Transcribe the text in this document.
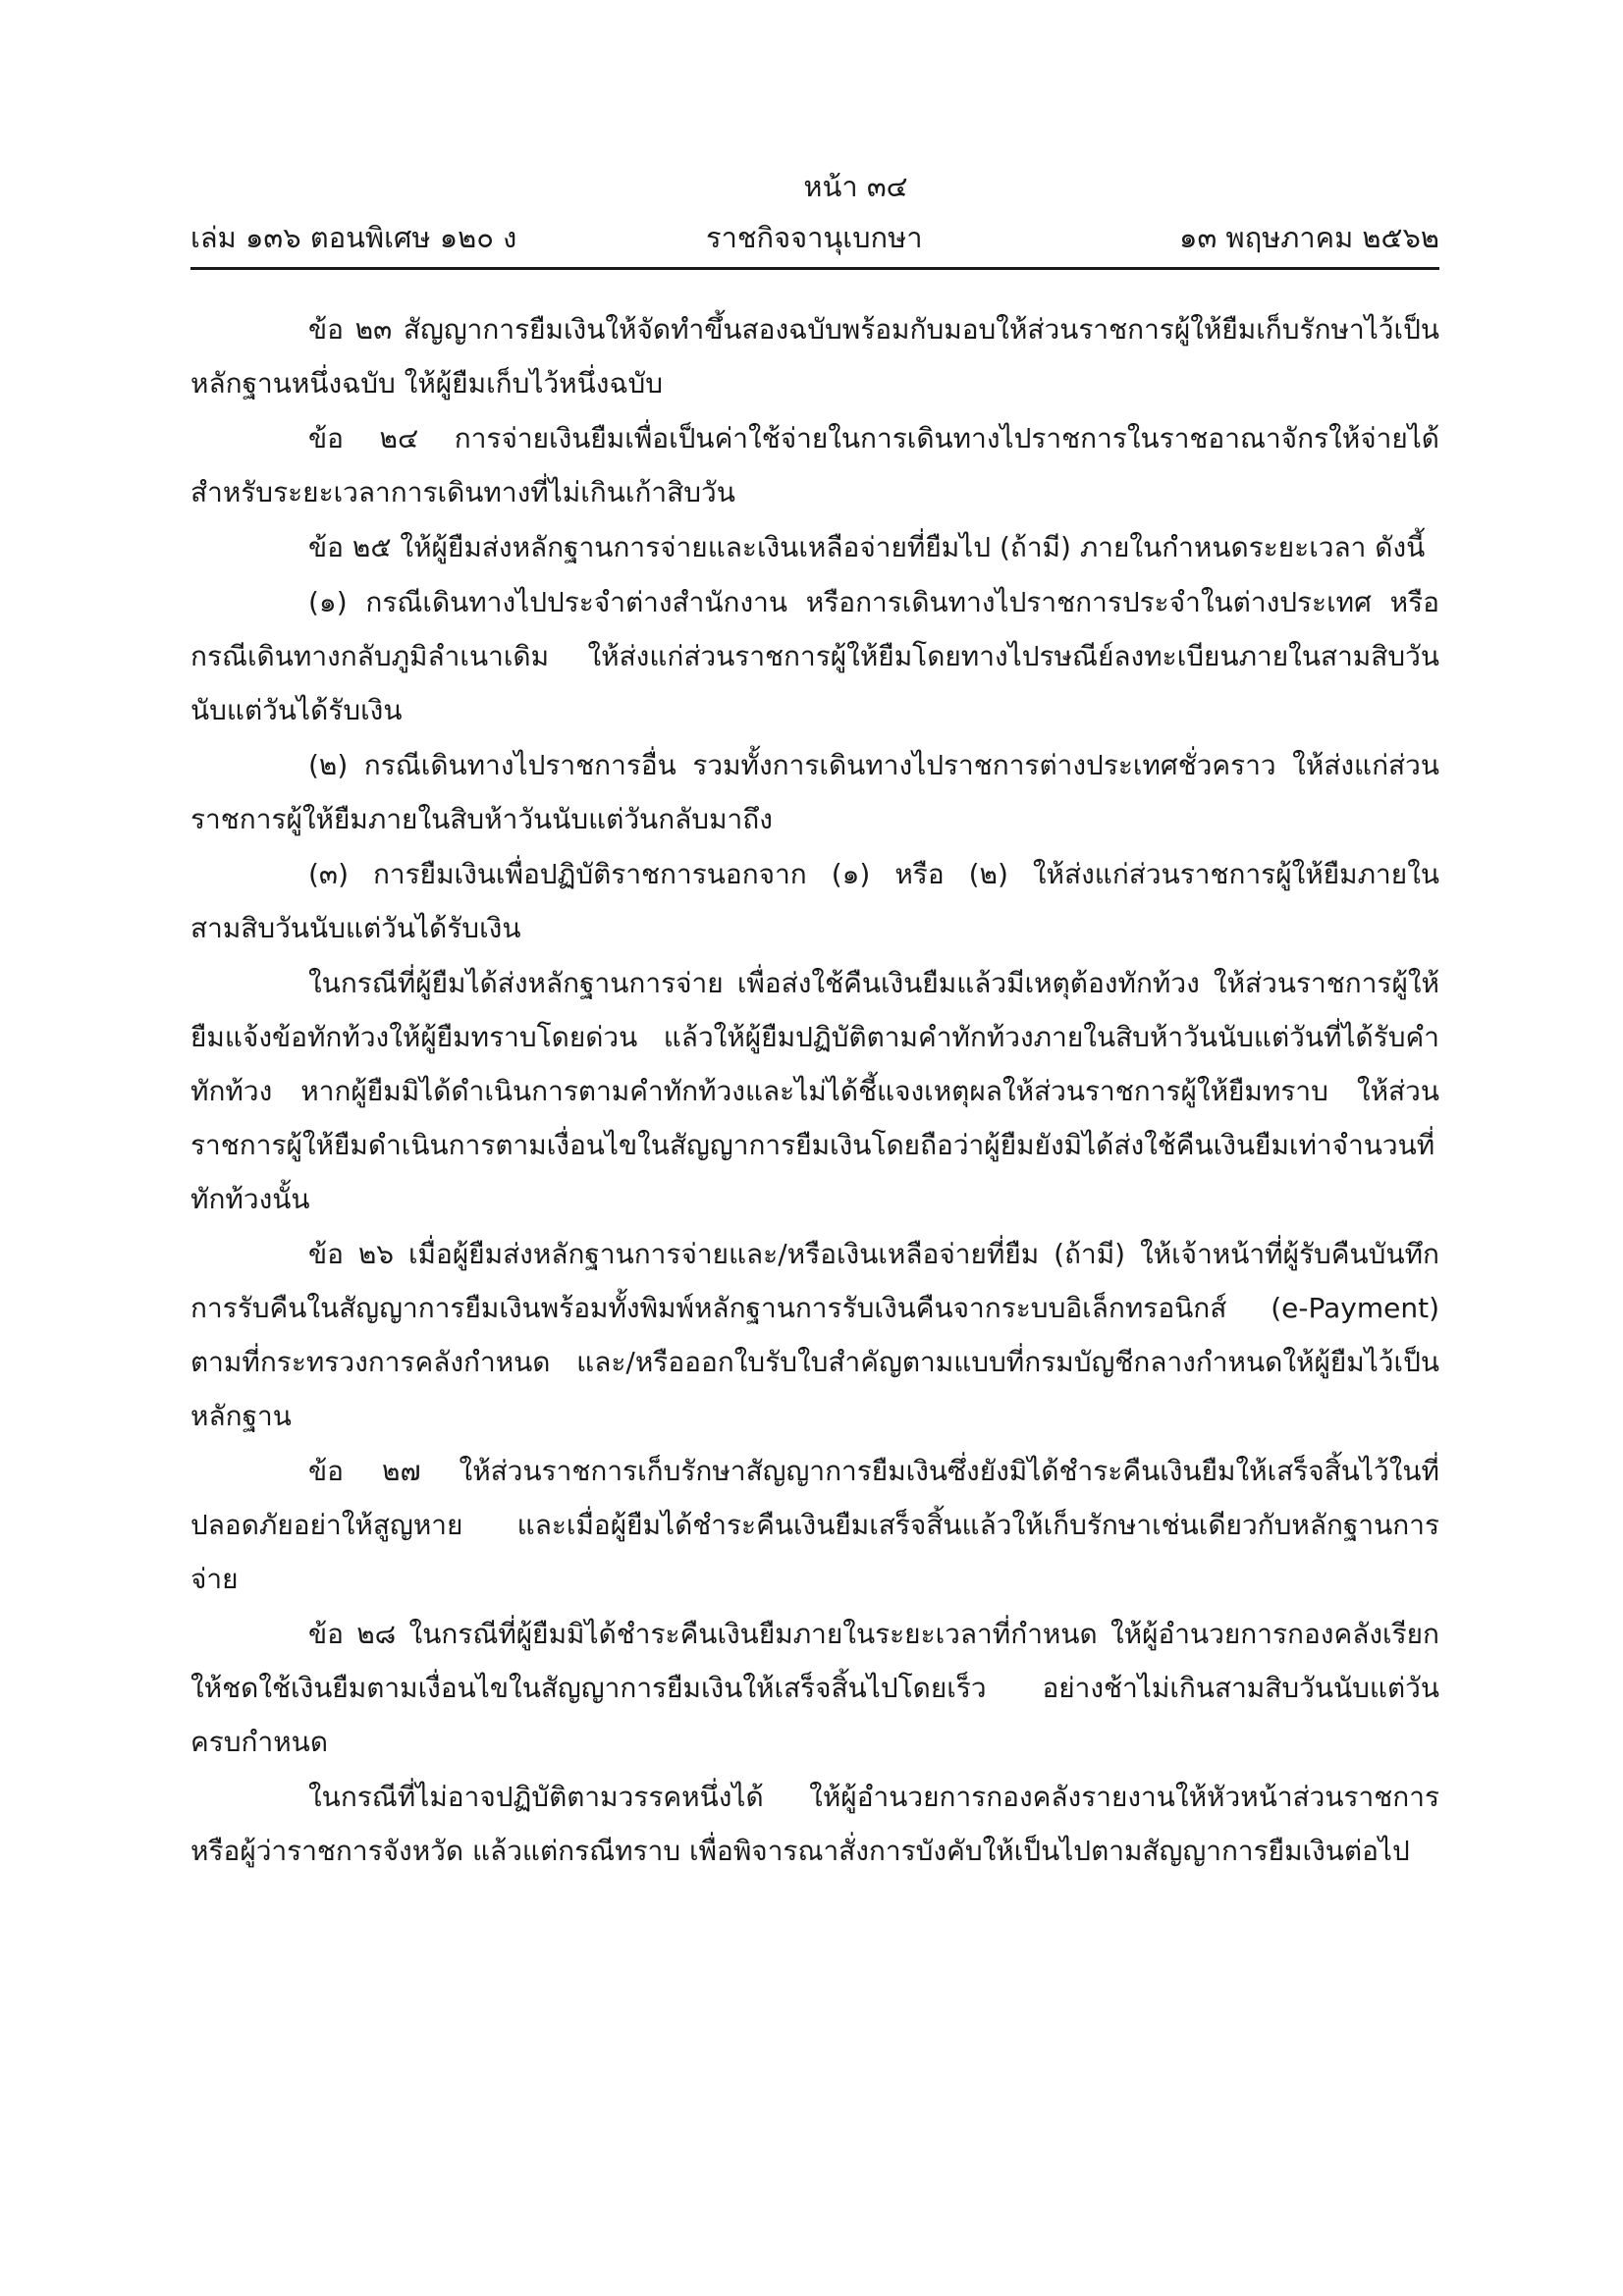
หน้า ๓๔
เล่ม ๑๓๖ ตอนพิเศษ ๑๒๐ ง	ราชกิจจานุเบกษา	๑๓ พฤษภาคม ๒๕๖๒

ข้อ ๒๓ สัญญาการยืมเงินให้จัดทำขึ้นสองฉบับพร้อมกับมอบให้ส่วนราชการผู้ให้ยืมเก็บรักษาไว้เป็นหลักฐานหนึ่งฉบับ ให้ผู้ยืมเก็บไว้หนึ่งฉบับ

ข้อ ๒๔ การจ่ายเงินยืมเพื่อเป็นค่าใช้จ่ายในการเดินทางไปราชการในราชอาณาจักรให้จ่ายได้สำหรับระยะเวลาการเดินทางที่ไม่เกินเก้าสิบวัน

ข้อ ๒๕ ให้ผู้ยืมส่งหลักฐานการจ่ายและเงินเหลือจ่ายที่ยืมไป (ถ้ามี) ภายในกำหนดระยะเวลา ดังนี้

(๑) กรณีเดินทางไปประจำต่างสำนักงาน หรือการเดินทางไปราชการประจำในต่างประเทศ หรือกรณีเดินทางกลับภูมิลำเนาเดิม ให้ส่งแก่ส่วนราชการผู้ให้ยืมโดยทางไปรษณีย์ลงทะเบียนภายในสามสิบวันนับแต่วันได้รับเงิน

(๒) กรณีเดินทางไปราชการอื่น รวมทั้งการเดินทางไปราชการต่างประเทศชั่วคราว ให้ส่งแก่ส่วนราชการผู้ให้ยืมภายในสิบห้าวันนับแต่วันกลับมาถึง

(๓) การยืมเงินเพื่อปฏิบัติราชการนอกจาก (๑) หรือ (๒) ให้ส่งแก่ส่วนราชการผู้ให้ยืมภายในสามสิบวันนับแต่วันได้รับเงิน

ในกรณีที่ผู้ยืมได้ส่งหลักฐานการจ่าย เพื่อส่งใช้คืนเงินยืมแล้วมีเหตุต้องทักท้วง ให้ส่วนราชการผู้ให้ยืมแจ้งข้อทักท้วงให้ผู้ยืมทราบโดยด่วน แล้วให้ผู้ยืมปฏิบัติตามคำทักท้วงภายในสิบห้าวันนับแต่วันที่ได้รับคำทักท้วง หากผู้ยืมมิได้ดำเนินการตามคำทักท้วงและไม่ได้ชี้แจงเหตุผลให้ส่วนราชการผู้ให้ยืมทราบ ให้ส่วนราชการผู้ให้ยืมดำเนินการตามเงื่อนไขในสัญญาการยืมเงินโดยถือว่าผู้ยืมยังมิได้ส่งใช้คืนเงินยืมเท่าจำนวนที่ทักท้วงนั้น

ข้อ ๒๖ เมื่อผู้ยืมส่งหลักฐานการจ่ายและ/หรือเงินเหลือจ่ายที่ยืม (ถ้ามี) ให้เจ้าหน้าที่ผู้รับคืนบันทึกการรับคืนในสัญญาการยืมเงินพร้อมทั้งพิมพ์หลักฐานการรับเงินคืนจากระบบอิเล็กทรอนิกส์ (e-Payment) ตามที่กระทรวงการคลังกำหนด และ/หรือออกใบรับใบสำคัญตามแบบที่กรมบัญชีกลางกำหนดให้ผู้ยืมไว้เป็นหลักฐาน

ข้อ ๒๗ ให้ส่วนราชการเก็บรักษาสัญญาการยืมเงินซึ่งยังมิได้ชำระคืนเงินยืมให้เสร็จสิ้นไว้ในที่ปลอดภัยอย่าให้สูญหาย และเมื่อผู้ยืมได้ชำระคืนเงินยืมเสร็จสิ้นแล้วให้เก็บรักษาเช่นเดียวกับหลักฐานการจ่าย

ข้อ ๒๘ ในกรณีที่ผู้ยืมมิได้ชำระคืนเงินยืมภายในระยะเวลาที่กำหนด ให้ผู้อำนวยการกองคลังเรียกให้ชดใช้เงินยืมตามเงื่อนไขในสัญญาการยืมเงินให้เสร็จสิ้นไปโดยเร็ว อย่างช้าไม่เกินสามสิบวันนับแต่วันครบกำหนด

ในกรณีที่ไม่อาจปฏิบัติตามวรรคหนึ่งได้ ให้ผู้อำนวยการกองคลังรายงานให้หัวหน้าส่วนราชการหรือผู้ว่าราชการจังหวัด แล้วแต่กรณีทราบ เพื่อพิจารณาสั่งการบังคับให้เป็นไปตามสัญญาการยืมเงินต่อไป
